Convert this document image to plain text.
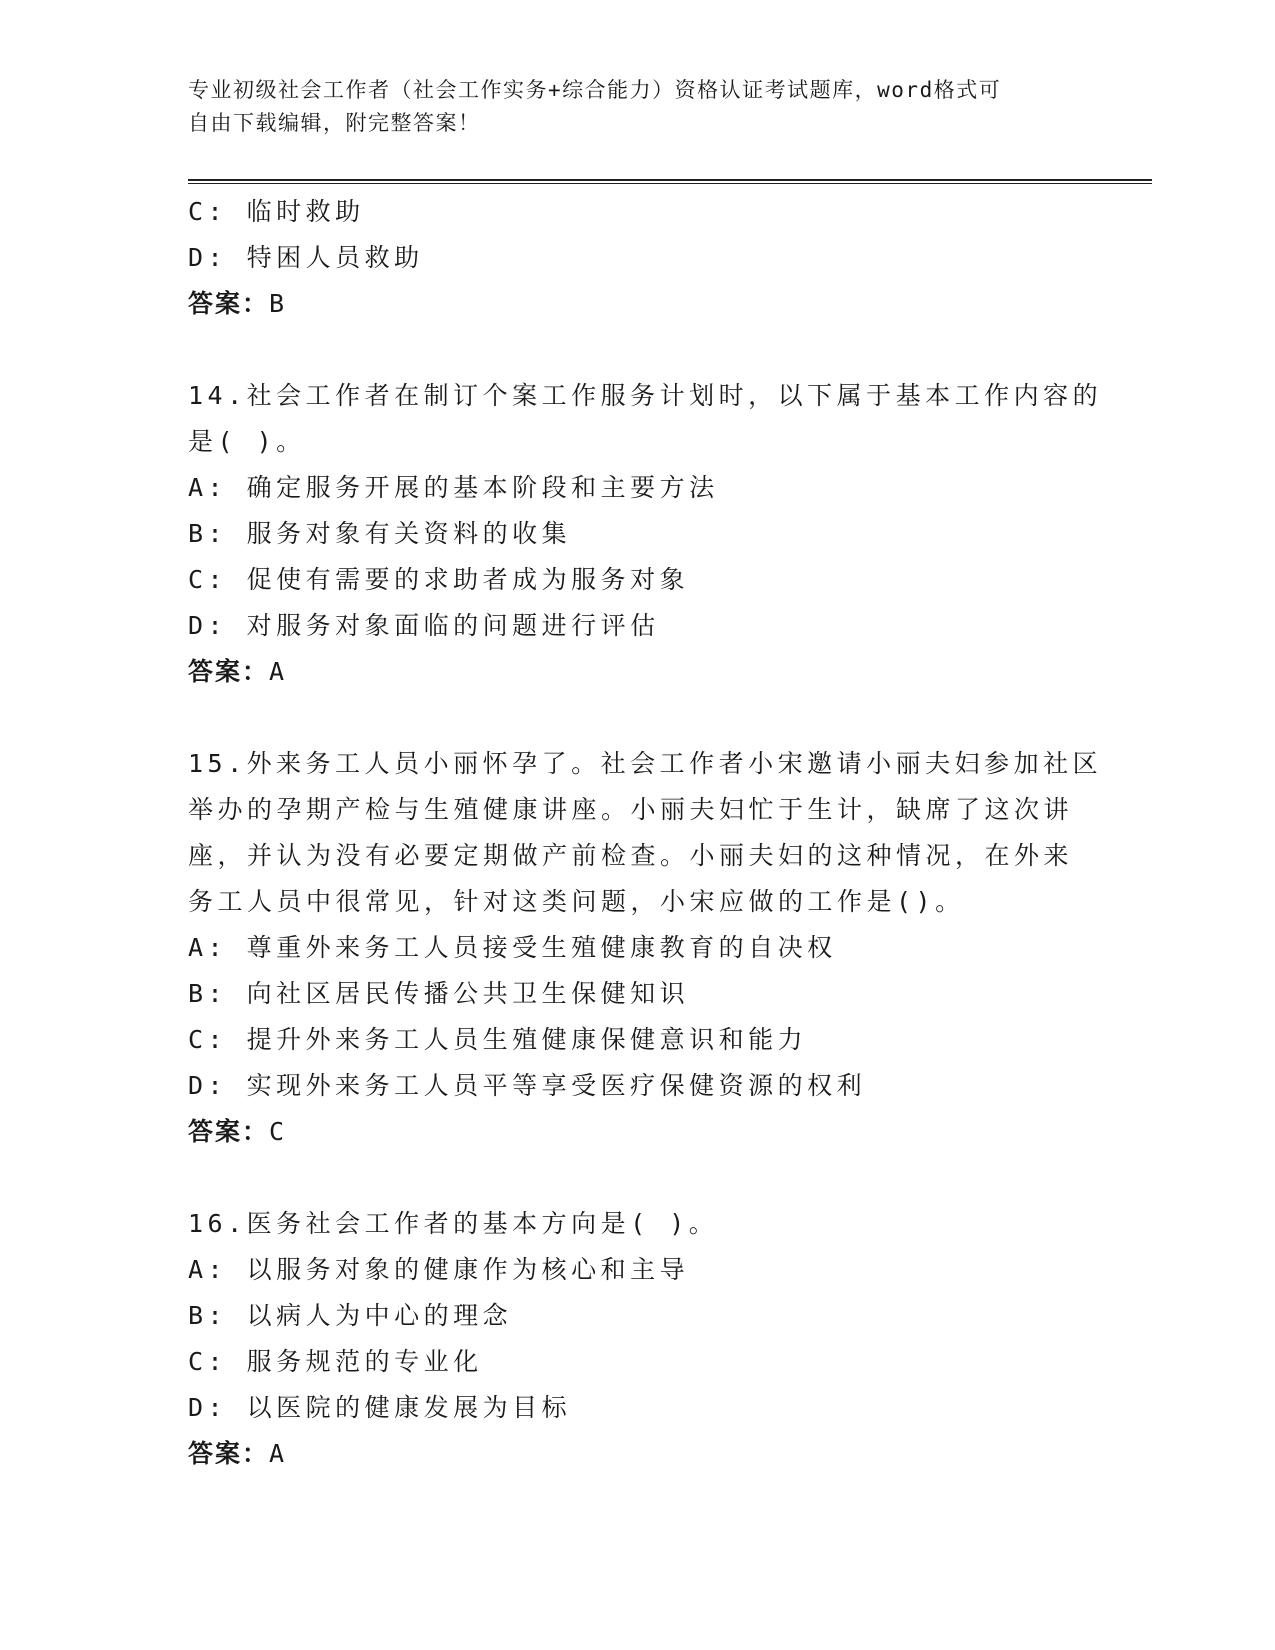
专业初级社会工作者（社会工作实务+综合能力）资格认证考试题库，word格式可
自由下载编辑，附完整答案！
C: 临时救助
D: 特困人员救助
答案：B
14.社会工作者在制订个案工作服务计划时，以下属于基本工作内容的
是( )。
A: 确定服务开展的基本阶段和主要方法
B: 服务对象有关资料的收集
C: 促使有需要的求助者成为服务对象
D: 对服务对象面临的问题进行评估
答案：A
15.外来务工人员小丽怀孕了。社会工作者小宋邀请小丽夫妇参加社区
举办的孕期产检与生殖健康讲座。小丽夫妇忙于生计，缺席了这次讲
座，并认为没有必要定期做产前检查。小丽夫妇的这种情况，在外来
务工人员中很常见，针对这类问题，小宋应做的工作是()。
A: 尊重外来务工人员接受生殖健康教育的自决权
B: 向社区居民传播公共卫生保健知识
C: 提升外来务工人员生殖健康保健意识和能力
D: 实现外来务工人员平等享受医疗保健资源的权利
答案：C
16.医务社会工作者的基本方向是( )。
A: 以服务对象的健康作为核心和主导
B: 以病人为中心的理念
C: 服务规范的专业化
D: 以医院的健康发展为目标
答案：A
